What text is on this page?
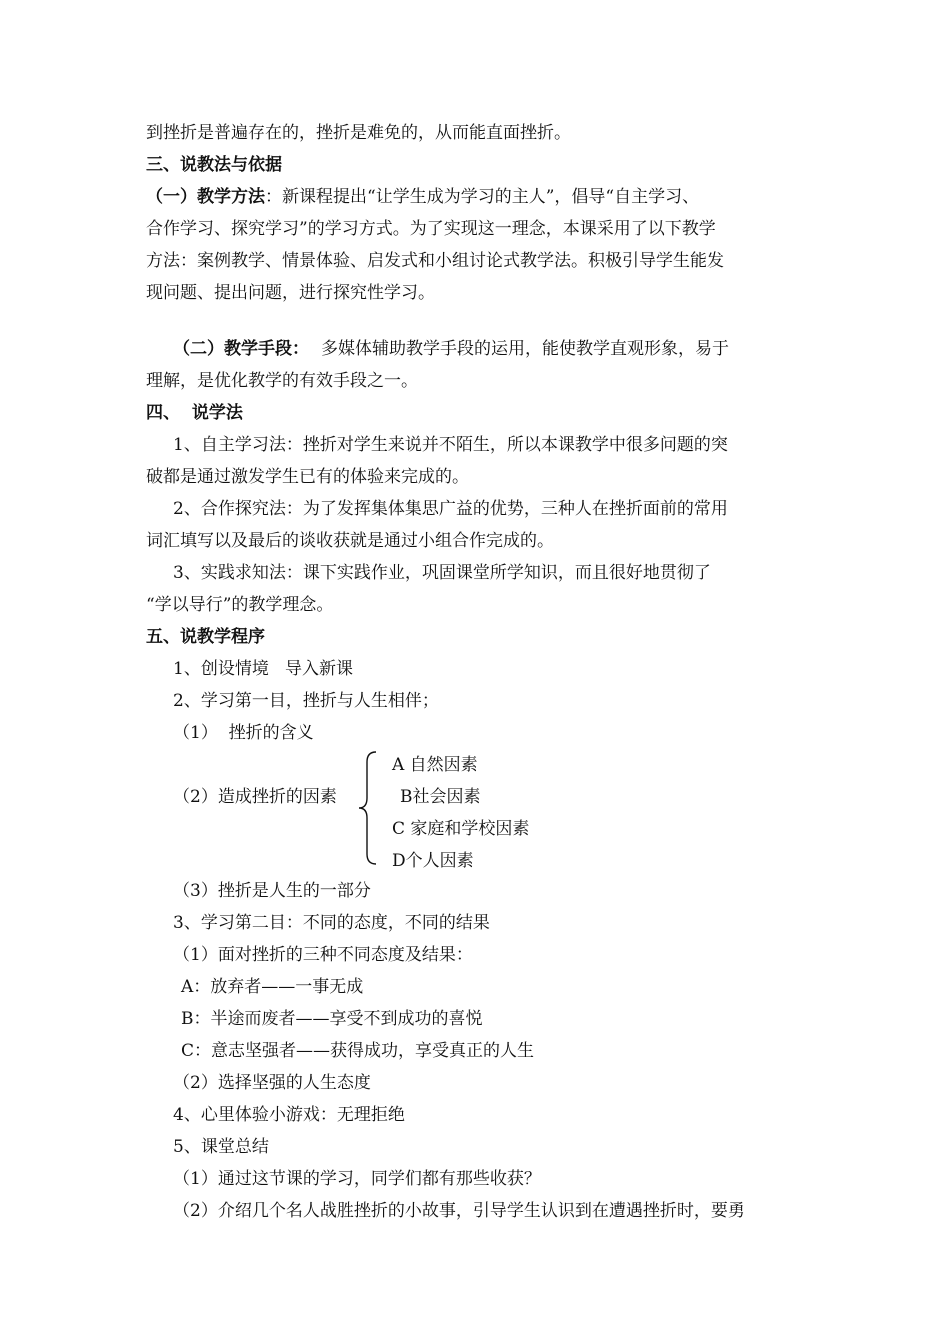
到挫折是普遍存在的，挫折是难免的，从而能直面挫折。
三、说教法与依据
（一）教学方法：新课程提出“让学生成为学习的主人”，倡导“自主学习、
合作学习、探究学习”的学习方式。为了实现这一理念，本课采用了以下教学
方法：案例教学、情景体验、启发式和小组讨论式教学法。积极引导学生能发
现问题、提出问题，进行探究性学习。
（二）教学手段： 多媒体辅助教学手段的运用，能使教学直观形象，易于
理解，是优化教学的有效手段之一。
四、  说学法
1、自主学习法：挫折对学生来说并不陌生，所以本课教学中很多问题的突
破都是通过激发学生已有的体验来完成的。
2、合作探究法：为了发挥集体集思广益的优势，三种人在挫折面前的常用
词汇填写以及最后的谈收获就是通过小组合作完成的。
3、实践求知法：课下实践作业，巩固课堂所学知识，而且很好地贯彻了
“学以导行”的教学理念。
五、说教学程序
1、创设情境   导入新课
2、学习第一目，挫折与人生相伴；
（1）  挫折的含义
（2）造成挫折的因素
A 自然因素
B社会因素
C 家庭和学校因素
D个人因素
（3）挫折是人生的一部分
3、学习第二目：不同的态度，不同的结果
（1）面对挫折的三种不同态度及结果：
A：放弃者——一事无成
B：半途而废者——享受不到成功的喜悦
C：意志坚强者——获得成功，享受真正的人生
（2）选择坚强的人生态度
4、心里体验小游戏：无理拒绝
5、课堂总结
（1）通过这节课的学习，同学们都有那些收获？
（2）介绍几个名人战胜挫折的小故事，引导学生认识到在遭遇挫折时，要勇
